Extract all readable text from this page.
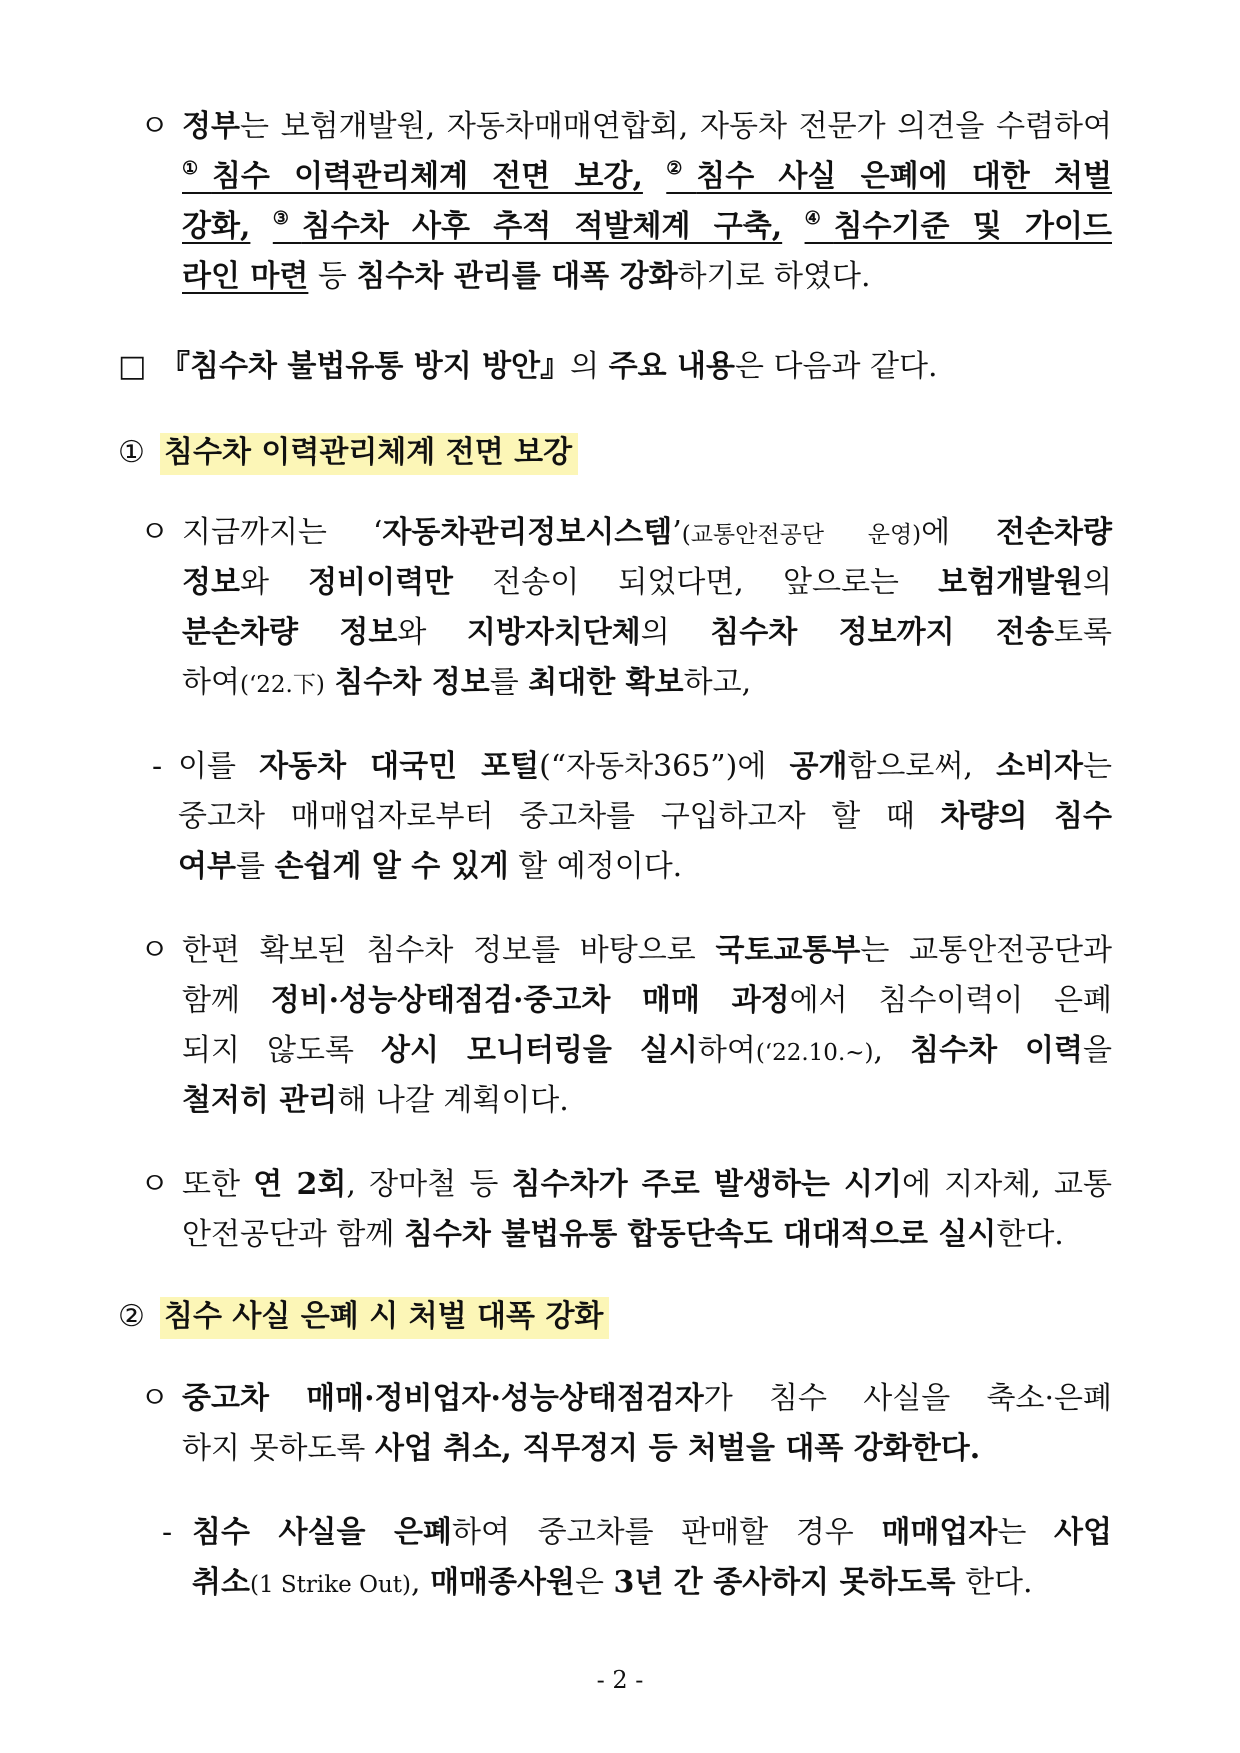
ㅇ 정부는 보험개발원, 자동차매매연합회, 자동차 전문가 의견을 수렴하여
①침수 이력관리체계 전면 보강, ②침수 사실 은폐에 대한 처벌
강화, ③침수차 사후 추적 적발체계 구축, ④침수기준 및 가이드
라인 마련 등 침수차 관리를 대폭 강화하기로 하였다.
□ 『침수차 불법유통 방지 방안』의 주요 내용은 다음과 같다.
① 침수차 이력관리체계 전면 보강
ㅇ 지금까지는 ‘자동차관리정보시스템’(교통안전공단 운영)에 전손차량
정보와 정비이력만 전송이 되었다면, 앞으로는 보험개발원의
분손차량 정보와 지방자치단체의 침수차 정보까지 전송토록
하여(‘22.下) 침수차 정보를 최대한 확보하고,
- 이를 자동차 대국민 포털(“자동차365”)에 공개함으로써, 소비자는
중고차 매매업자로부터 중고차를 구입하고자 할 때 차량의 침수
여부를 손쉽게 알 수 있게 할 예정이다.
ㅇ 한편 확보된 침수차 정보를 바탕으로 국토교통부는 교통안전공단과
함께 정비·성능상태점검·중고차 매매 과정에서 침수이력이 은폐
되지 않도록 상시 모니터링을 실시하여(‘22.10.~), 침수차 이력을
철저히 관리해 나갈 계획이다.
ㅇ 또한 연 2회, 장마철 등 침수차가 주로 발생하는 시기에 지자체, 교통
안전공단과 함께 침수차 불법유통 합동단속도 대대적으로 실시한다.
② 침수 사실 은폐 시 처벌 대폭 강화
ㅇ 중고차 매매·정비업자·성능상태점검자가 침수 사실을 축소·은폐
하지 못하도록 사업 취소, 직무정지 등 처벌을 대폭 강화한다.
- 침수 사실을 은폐하여 중고차를 판매할 경우 매매업자는 사업
취소(1 Strike Out), 매매종사원은 3년 간 종사하지 못하도록 한다.
- 2 -
